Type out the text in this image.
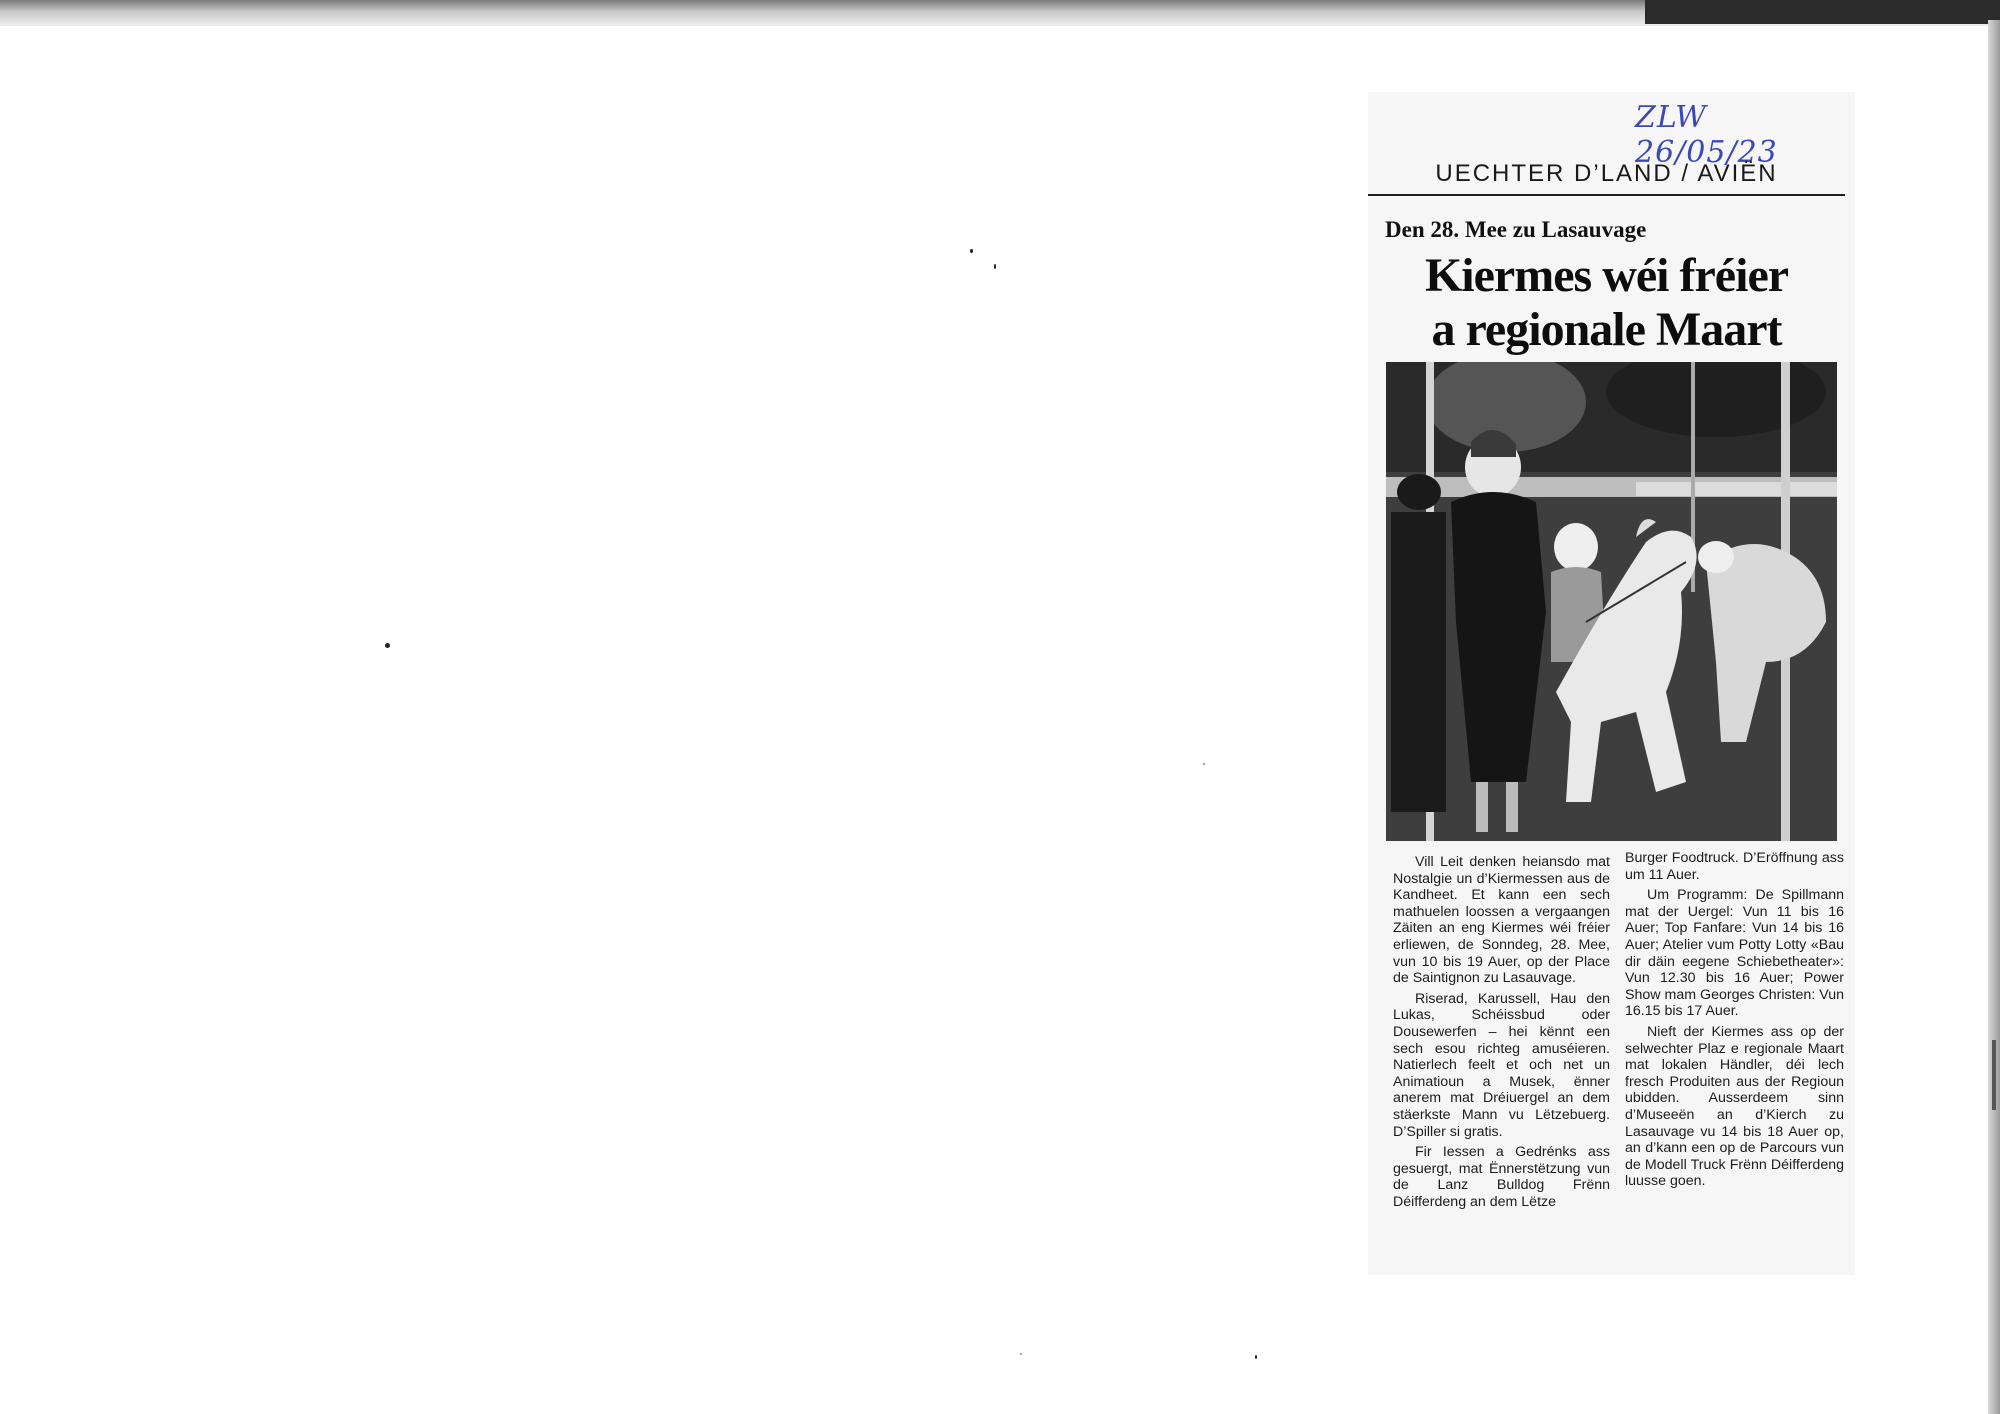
ZLW 26/05/23
UECHTER D’LAND / AVIËN
Den 28. Mee zu Lasauvage
Kiermes wéi fréier
a regionale Maart

Vill Leit denken heiansdo mat Nostalgie un d’Kiermessen aus de Kandheet. Et kann een sech mathuelen loossen a vergaangen Zäiten an eng Kiermes wéi fréier erliewen, de Sonndeg, 28. Mee, vun 10 bis 19 Auer, op der Place de Saintignon zu Lasauvage.

Riserad, Karussell, Hau den Lukas, Schéissbud oder Dousewerfen – hei kënnt een sech esou richteg amuséieren. Natierlech feelt et och net un Animatioun a Musek, ënner anerem mat Dréiuergel an dem stäerkste Mann vu Lëtzebuerg. D’Spiller si gratis.

Fir Iessen a Gedrénks ass gesuergt, mat Ënnerstëtzung vun de Lanz Bulldog Frënn Déifferdeng an dem Lëtze

Burger Foodtruck. D’Eröffnung ass um 11 Auer.

Um Programm: De Spillmann mat der Uergel: Vun 11 bis 16 Auer; Top Fanfare: Vun 14 bis 16 Auer; Atelier vum Potty Lotty «Bau dir däin eegene Schiebetheater»: Vun 12.30 bis 16 Auer; Power Show mam Georges Christen: Vun 16.15 bis 17 Auer.

Nieft der Kiermes ass op der selwechter Plaz e regionale Maart mat lokalen Händler, déi lech fresch Produiten aus der Regioun ubidden. Ausserdeem sinn d’Museeën an d’Kierch zu Lasauvage vu 14 bis 18 Auer op, an d’kann een op de Parcours vun de Modell Truck Frënn Déifferdeng luusse goen.
